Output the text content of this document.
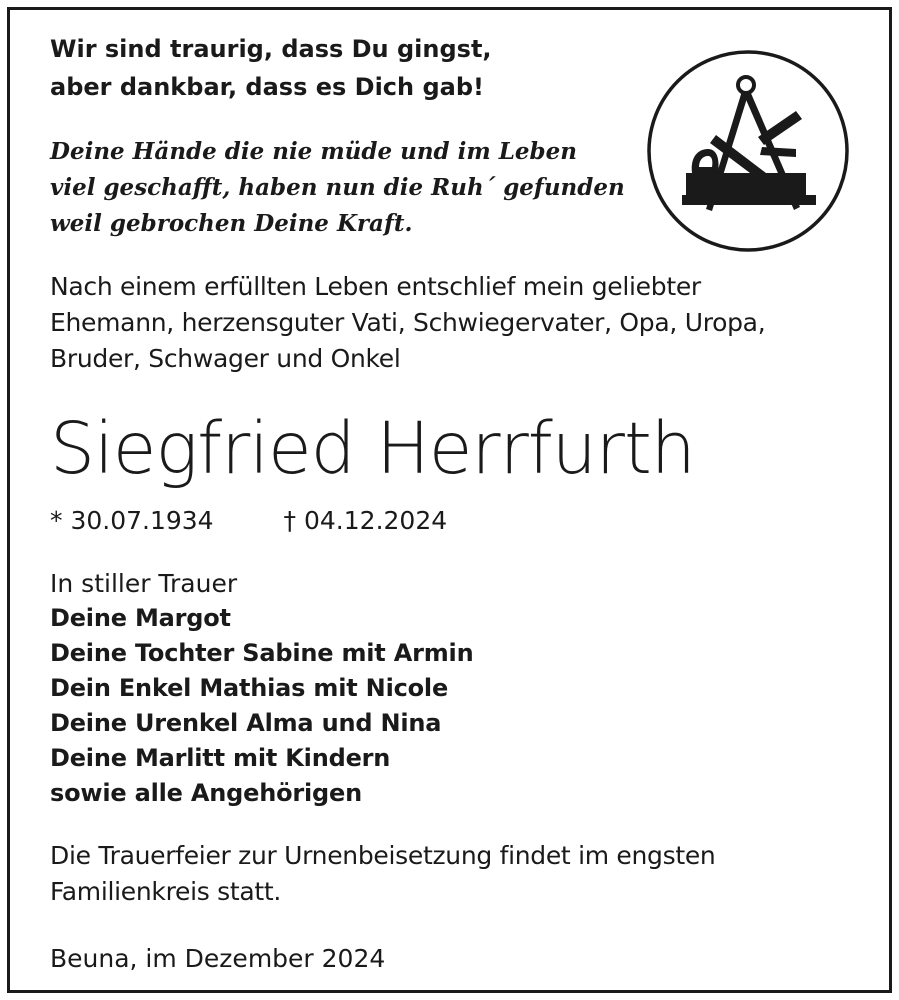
Wir sind traurig, dass Du gingst,
aber dankbar, dass es Dich gab!
Deine Hände die nie müde und im Leben
viel geschafft, haben nun die Ruh´ gefunden
weil gebrochen Deine Kraft.
Nach einem erfüllten Leben entschlief mein geliebter
Ehemann, herzensguter Vati, Schwiegervater, Opa, Uropa,
Bruder, Schwager und Onkel
Siegfried Herrfurth
* 30.07.1934	† 04.12.2024
In stiller Trauer
Deine Margot
Deine Tochter Sabine mit Armin
Dein Enkel Mathias mit Nicole
Deine Urenkel Alma und Nina
Deine Marlitt mit Kindern
sowie alle Angehörigen
Die Trauerfeier zur Urnenbeisetzung findet im engsten
Familienkreis statt.
Beuna, im Dezember 2024
